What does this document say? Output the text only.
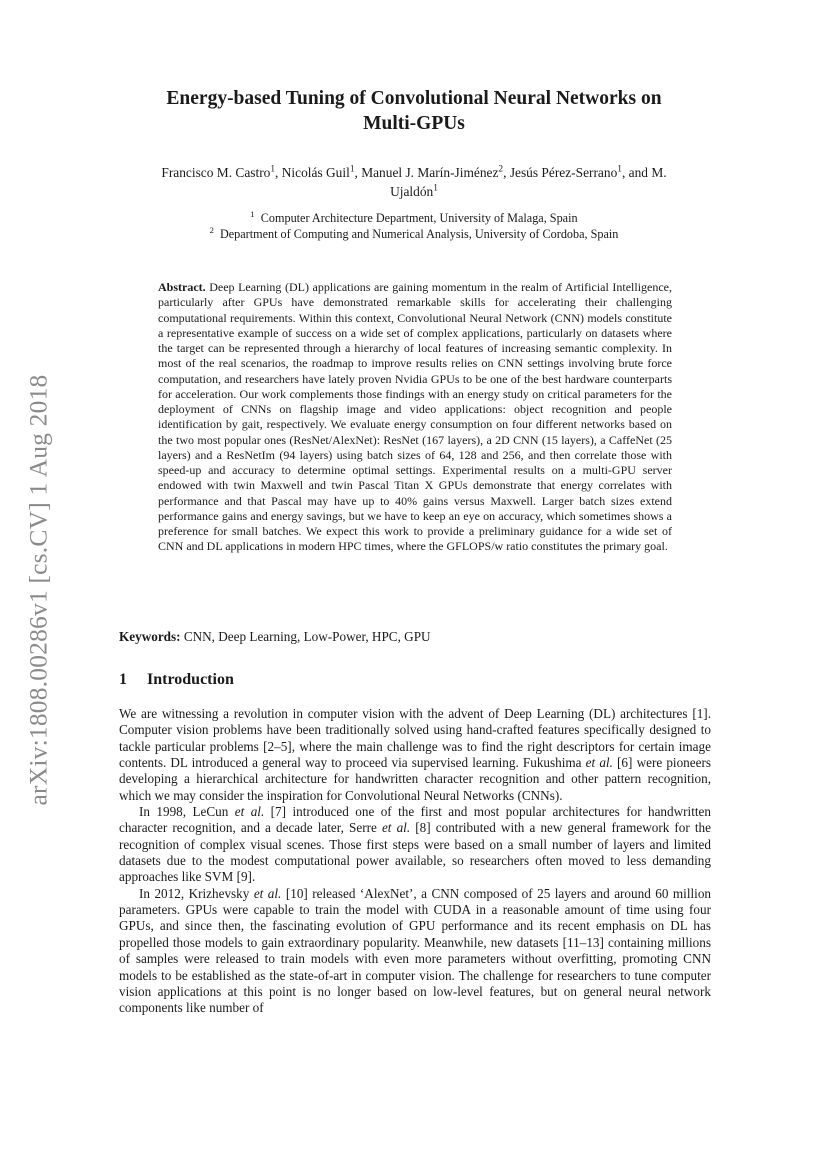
arXiv:1808.00286v1 [cs.CV] 1 Aug 2018
Energy-based Tuning of Convolutional Neural Networks on
Multi-GPUs
Francisco M. Castro$^1$, Nicolás Guil$^1$, Manuel J. Marín-Jiménez$^2$, Jesús Pérez-Serrano$^1$, and M.
Ujaldón$^1$
$^1$ Computer Architecture Department, University of Malaga, Spain
$^2$ Department of Computing and Numerical Analysis, University of Cordoba, Spain
Abstract. Deep Learning (DL) applications are gaining momentum in the realm of Artificial Intelligence, particularly after GPUs have demonstrated remarkable skills for accelerating their challenging computational requirements. Within this context, Convolutional Neural Network (CNN) models constitute a representative example of success on a wide set of complex applications, particularly on datasets where the target can be represented through a hierarchy of local features of increasing semantic complexity. In most of the real scenarios, the roadmap to improve results relies on CNN settings involving brute force computation, and researchers have lately proven Nvidia GPUs to be one of the best hardware counterparts for acceleration. Our work complements those findings with an energy study on critical parameters for the deployment of CNNs on flagship image and video applications: object recognition and people identification by gait, respectively. We evaluate energy consumption on four different networks based on the two most popular ones (ResNet/AlexNet): ResNet (167 layers), a 2D CNN (15 layers), a CaffeNet (25 layers) and a ResNetIm (94 layers) using batch sizes of 64, 128 and 256, and then correlate those with speed-up and accuracy to determine optimal settings. Experimental results on a multi-GPU server endowed with twin Maxwell and twin Pascal Titan X GPUs demonstrate that energy correlates with performance and that Pascal may have up to 40% gains versus Maxwell. Larger batch sizes extend performance gains and energy savings, but we have to keep an eye on accuracy, which sometimes shows a preference for small batches. We expect this work to provide a preliminary guidance for a wide set of CNN and DL applications in modern HPC times, where the GFLOPS/w ratio constitutes the primary goal.
Keywords: CNN, Deep Learning, Low-Power, HPC, GPU
1 Introduction

We are witnessing a revolution in computer vision with the advent of Deep Learning (DL) architectures [1]. Computer vision problems have been traditionally solved using hand-crafted features specifically designed to tackle particular problems [2–5], where the main challenge was to find the right descriptors for certain image contents. DL introduced a general way to proceed via supervised learning. Fukushima et al. [6] were pioneers developing a hierarchical architecture for handwritten character recognition and other pattern recognition, which we may consider the inspiration for Convolutional Neural Networks (CNNs).

In 1998, LeCun et al. [7] introduced one of the first and most popular architectures for handwritten character recognition, and a decade later, Serre et al. [8] contributed with a new general framework for the recognition of complex visual scenes. Those first steps were based on a small number of layers and limited datasets due to the modest computational power available, so researchers often moved to less demanding approaches like SVM [9].

In 2012, Krizhevsky et al. [10] released ‘AlexNet’, a CNN composed of 25 layers and around 60 million parameters. GPUs were capable to train the model with CUDA in a reasonable amount of time using four GPUs, and since then, the fascinating evolution of GPU performance and its recent emphasis on DL has propelled those models to gain extraordinary popularity. Meanwhile, new datasets [11–13] containing millions of samples were released to train models with even more parameters without overfitting, promoting CNN models to be established as the state-of-art in computer vision. The challenge for researchers to tune computer vision applications at this point is no longer based on low-level features, but on general neural network components like number of
